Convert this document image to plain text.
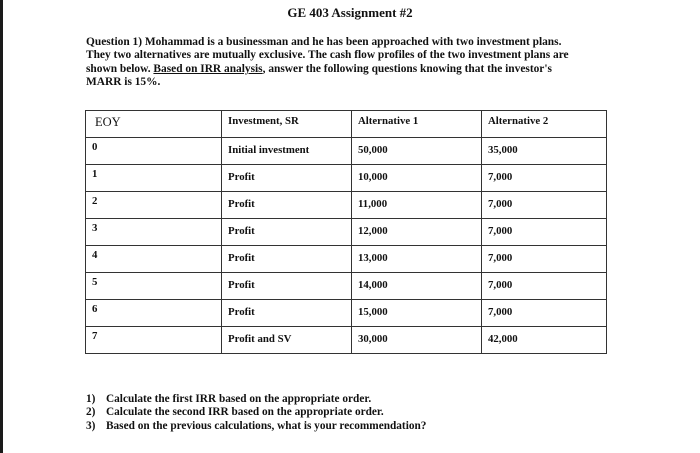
GE 403 Assignment #2
Question 1) Mohammad is a businessman and he has been approached with two investment plans.
They two alternatives are mutually exclusive. The cash flow profiles of the two investment plans are
shown below. Based on IRR analysis, answer the following questions knowing that the investor's
MARR is 15%.
EOY	Investment, SR	Alternative 1	Alternative 2
0	Initial investment	50,000	35,000
1	Profit	10,000	7,000
2	Profit	11,000	7,000
3	Profit	12,000	7,000
4	Profit	13,000	7,000
5	Profit	14,000	7,000
6	Profit	15,000	7,000
7	Profit and SV	30,000	42,000
1) Calculate the first IRR based on the appropriate order.
2) Calculate the second IRR based on the appropriate order.
3) Based on the previous calculations, what is your recommendation?
